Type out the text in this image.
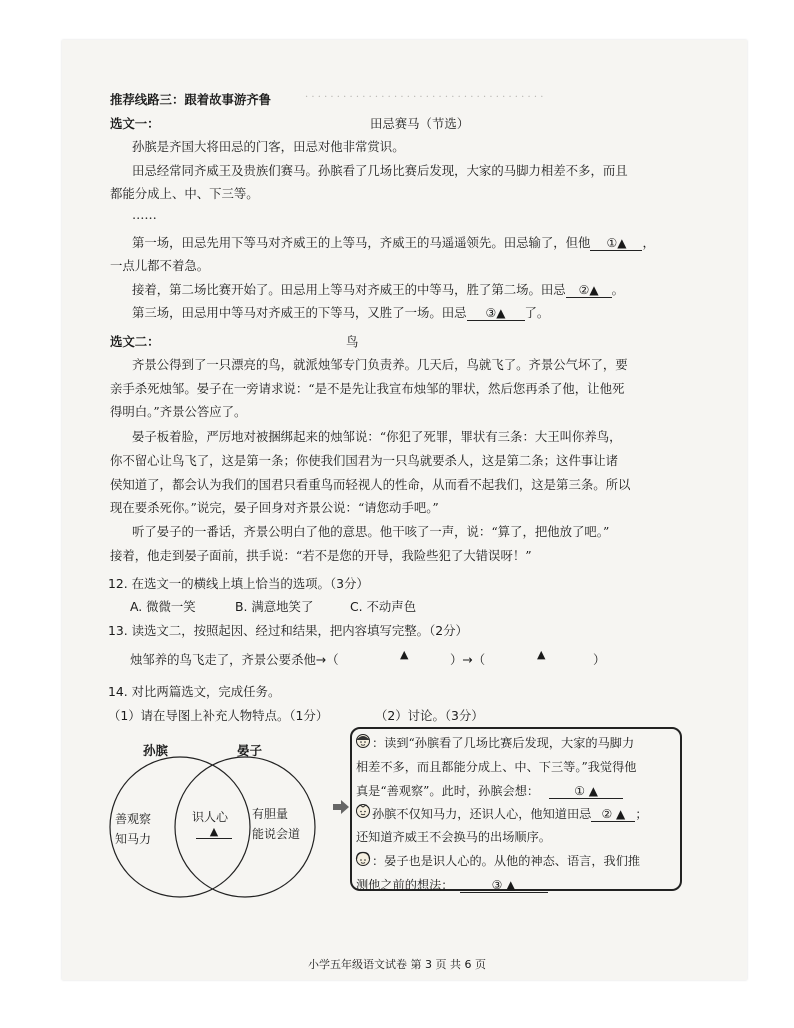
· · · · · · · · · · · · · · · · · · · · · · · · · · · · · · · · · · · · · ·
推荐线路三：跟着故事游齐鲁
选文一：	田忌赛马（节选）
孙膑是齐国大将田忌的门客，田忌对他非常赏识。
田忌经常同齐威王及贵族们赛马。孙膑看了几场比赛后发现，大家的马脚力相差不多，而且
都能分成上、中、下三等。
……
第一场，田忌先用下等马对齐威王的上等马，齐威王的马遥遥领先。田忌输了，但他 ①▲ ，
一点儿都不着急。
接着，第二场比赛开始了。田忌用上等马对齐威王的中等马，胜了第二场。田忌 ②▲ 。
第三场，田忌用中等马对齐威王的下等马，又胜了一场。田忌 ③▲ 了。
选文二：	鸟
齐景公得到了一只漂亮的鸟，就派烛邹专门负责养。几天后，鸟就飞了。齐景公气坏了，要
亲手杀死烛邹。晏子在一旁请求说：“是不是先让我宣布烛邹的罪状，然后您再杀了他，让他死
得明白。”齐景公答应了。
晏子板着脸，严厉地对被捆绑起来的烛邹说：“你犯了死罪，罪状有三条：大王叫你养鸟，
你不留心让鸟飞了，这是第一条；你使我们国君为一只鸟就要杀人，这是第二条；这件事让诸
侯知道了，都会认为我们的国君只看重鸟而轻视人的性命，从而看不起我们，这是第三条。所以
现在要杀死你。”说完，晏子回身对齐景公说：“请您动手吧。”
听了晏子的一番话，齐景公明白了他的意思。他干咳了一声，说：“算了，把他放了吧。”
接着，他走到晏子面前，拱手说：“若不是您的开导，我险些犯了大错误呀！”
12. 在选文一的横线上填上恰当的选项。（3分）
A. 微微一笑	B. 满意地笑了	C. 不动声色
13. 读选文二，按照起因、经过和结果，把内容填写完整。（2分）
烛邹养的鸟飞走了，齐景公要杀他→（	▲	）→（	▲	）
14. 对比两篇选文，完成任务。
（1）请在导图上补充人物特点。（1分）	（2）讨论。（3分）
孙膑	晏子
善观察
知马力
识人心
▲
有胆量
能说会道
：读到“孙膑看了几场比赛后发现，大家的马脚力
相差不多，而且都能分成上、中、下三等。”我觉得他
真是“善观察”。此时，孙膑会想：	① ▲
孙膑不仅知马力，还识人心，他知道田忌 ② ▲ ；
还知道齐威王不会换马的出场顺序。
：晏子也是识人心的。从他的神态、语言，我们推
测他之前的想法：	③ ▲
小学五年级语文试卷 第 3 页 共 6 页
